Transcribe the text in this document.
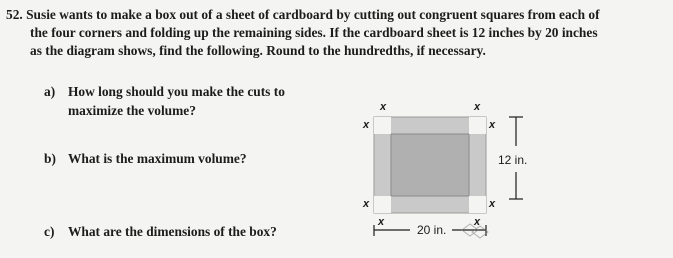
52. Susie wants to make a box out of a sheet of cardboard by cutting out congruent squares from each of
the four corners and folding up the remaining sides. If the cardboard sheet is 12 inches by 20 inches
as the diagram shows, find the following. Round to the hundredths, if necessary.
a) How long should you make the cuts to
maximize the volume?
b) What is the maximum volume?
c) What are the dimensions of the box?
x	x
x	x
x	x
x	x
12 in.
20 in.
